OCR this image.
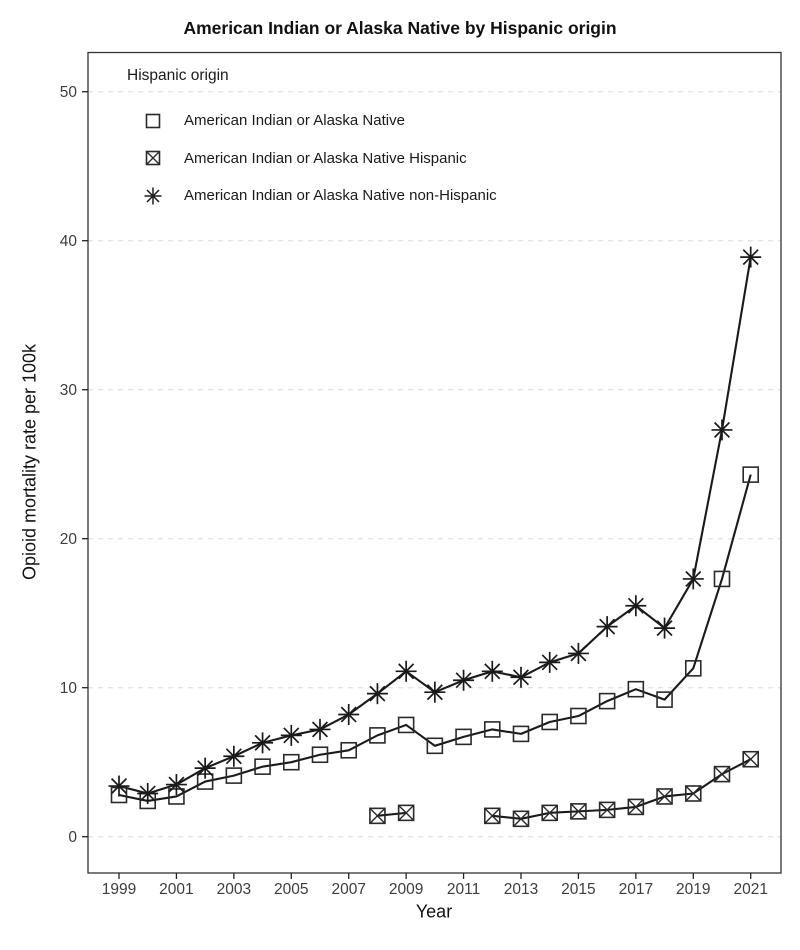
American Indian or Alaska Native by Hispanic origin
0
10
20
30
40
50
1999 2001 2003 2005 2007 2009 2011 2013 2015 2017 2019 2021
Opioid mortality rate per 100k
Year
Hispanic origin
American Indian or Alaska Native
American Indian or Alaska Native Hispanic
American Indian or Alaska Native non-Hispanic
